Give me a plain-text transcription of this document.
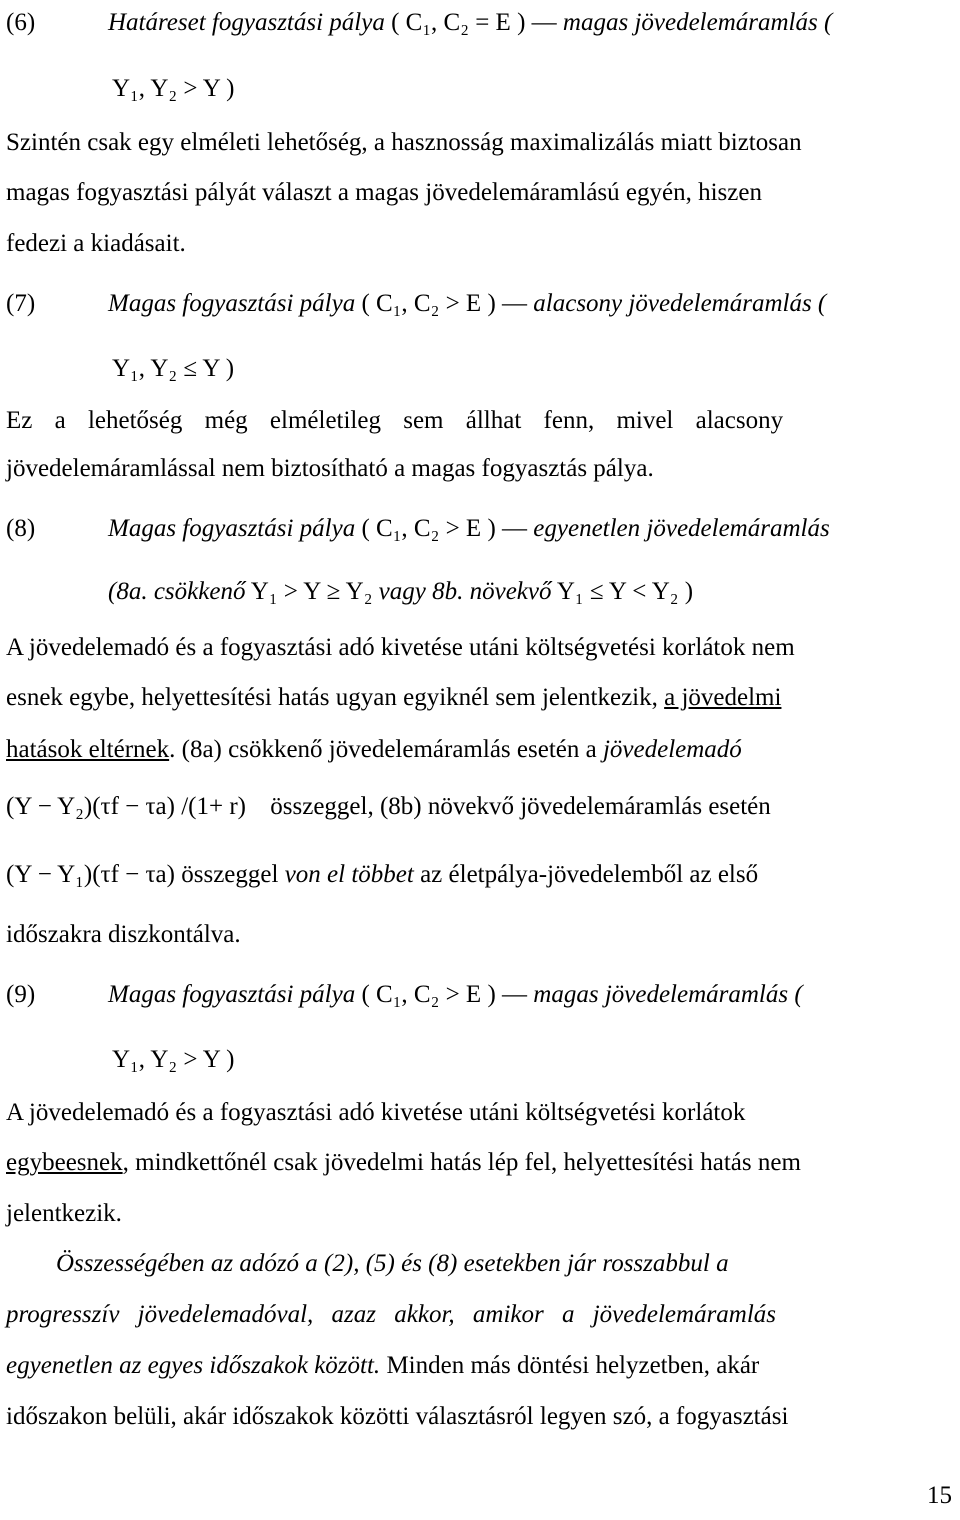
(6)	Határeset fogyasztási pálya ( C₁, C₂ = E ) — magas jövedelemáramlás (
Y₁, Y₂ > Y )
Szintén csak egy elméleti lehetőség, a hasznosság maximalizálás miatt biztosan
magas fogyasztási pályát választ a magas jövedelemáramlású egyén, hiszen
fedezi a kiadásait.
(7)	Magas fogyasztási pálya ( C₁, C₂ > E ) — alacsony jövedelemáramlás (
Y₁, Y₂ ≤ Y )
Ez a lehetőség még elméletileg sem állhat fenn, mivel alacsony
jövedelemáramlással nem biztosítható a magas fogyasztás pálya.
(8)	Magas fogyasztási pálya ( C₁, C₂ > E ) — egyenetlen jövedelemáramlás
(8a. csökkenő Y₁ > Y ≥ Y₂ vagy 8b. növekvő Y₁ ≤ Y < Y₂ )
A jövedelemadó és a fogyasztási adó kivetése utáni költségvetési korlátok nem
esnek egybe, helyettesítési hatás ugyan egyiknél sem jelentkezik, a jövedelmi
hatások eltérnek. (8a) csökkenő jövedelemáramlás esetén a jövedelemadó
(Y − Y₂)(τf − τa) /(1+ r) összeggel, (8b) növekvő jövedelemáramlás esetén
(Y − Y₁)(τf − τa) összeggel von el többet az életpálya-jövedelemből az első
időszakra diszkontálva.
(9)	Magas fogyasztási pálya ( C₁, C₂ > E ) — magas jövedelemáramlás (
Y₁, Y₂ > Y )
A jövedelemadó és a fogyasztási adó kivetése utáni költségvetési korlátok
egybeesnek, mindkettőnél csak jövedelmi hatás lép fel, helyettesítési hatás nem
jelentkezik.
Összességében az adózó a (2), (5) és (8) esetekben jár rosszabbul a
progresszív jövedelemadóval, azaz akkor, amikor a jövedelemáramlás
egyenetlen az egyes időszakok között. Minden más döntési helyzetben, akár
időszakon belüli, akár időszakok közötti választásról legyen szó, a fogyasztási
15
